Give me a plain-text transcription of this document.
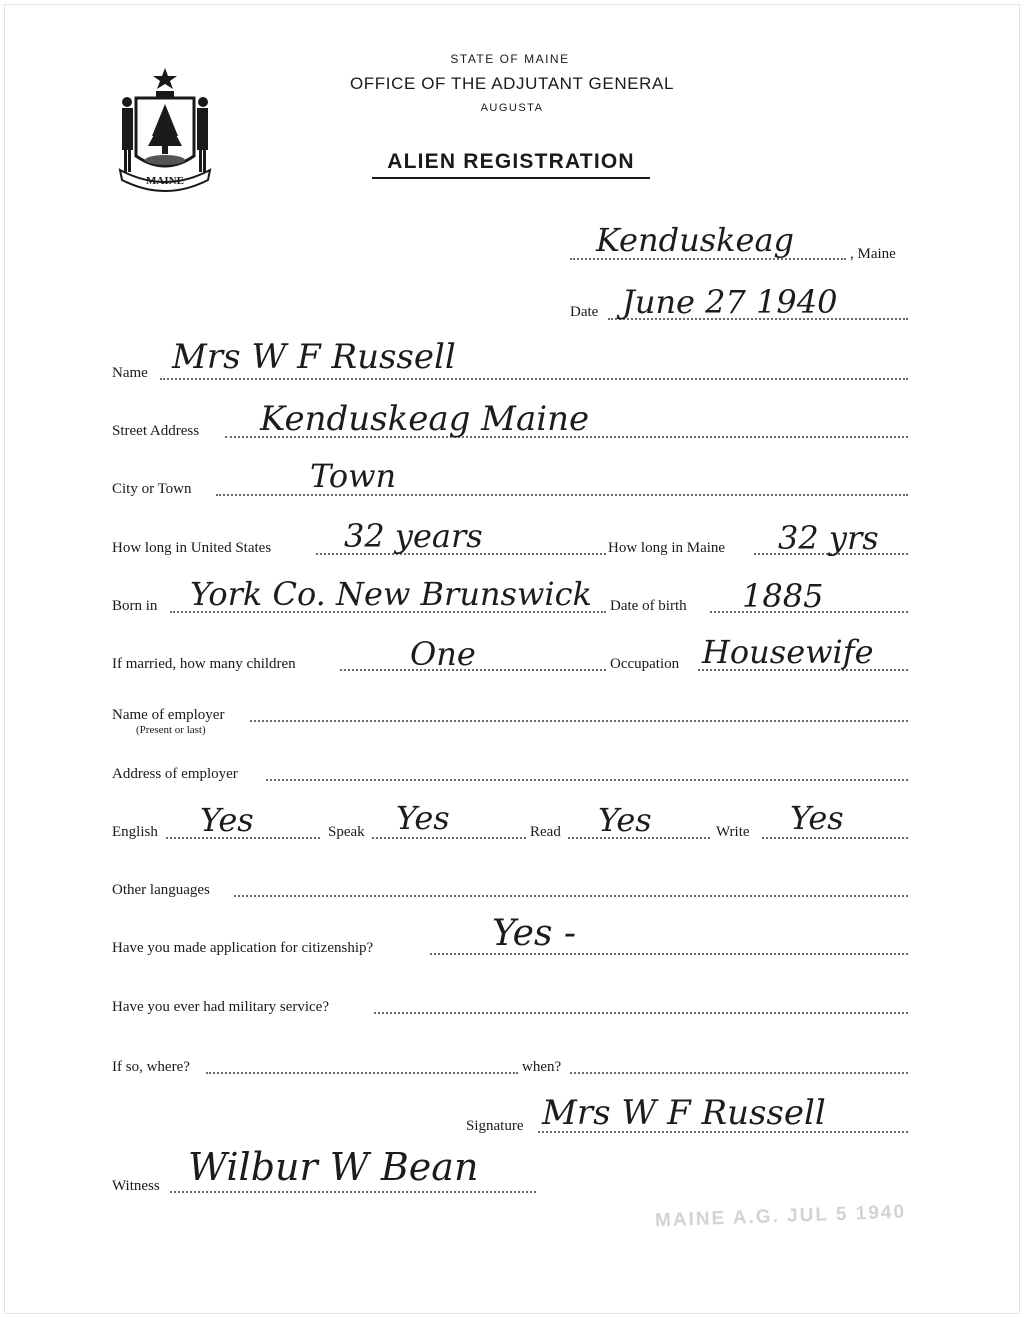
MAINE
STATE OF MAINE
OFFICE OF THE ADJUTANT GENERAL
AUGUSTA
ALIEN REGISTRATION
Kenduskeag	, Maine
Date June 27 1940
Name Mrs W F Russell
Street Address Kenduskeag Maine
City or Town	Town
How long in United States 32 years	How long in Maine 32 yrs
Born in York Co. New Brunswick Date of birth 1885
If married, how many children	One	Occupation Housewife
Name of employer
(Present or last)
Address of employer
English Yes	Speak Yes	Read Yes	Write Yes
Other languages
Have you made application for citizenship?	Yes -
Have you ever had military service?
If so, where?	when?
Signature Mrs W F Russell
Witness Wilbur W Bean
MAINE A.G. JUL 5 1940
